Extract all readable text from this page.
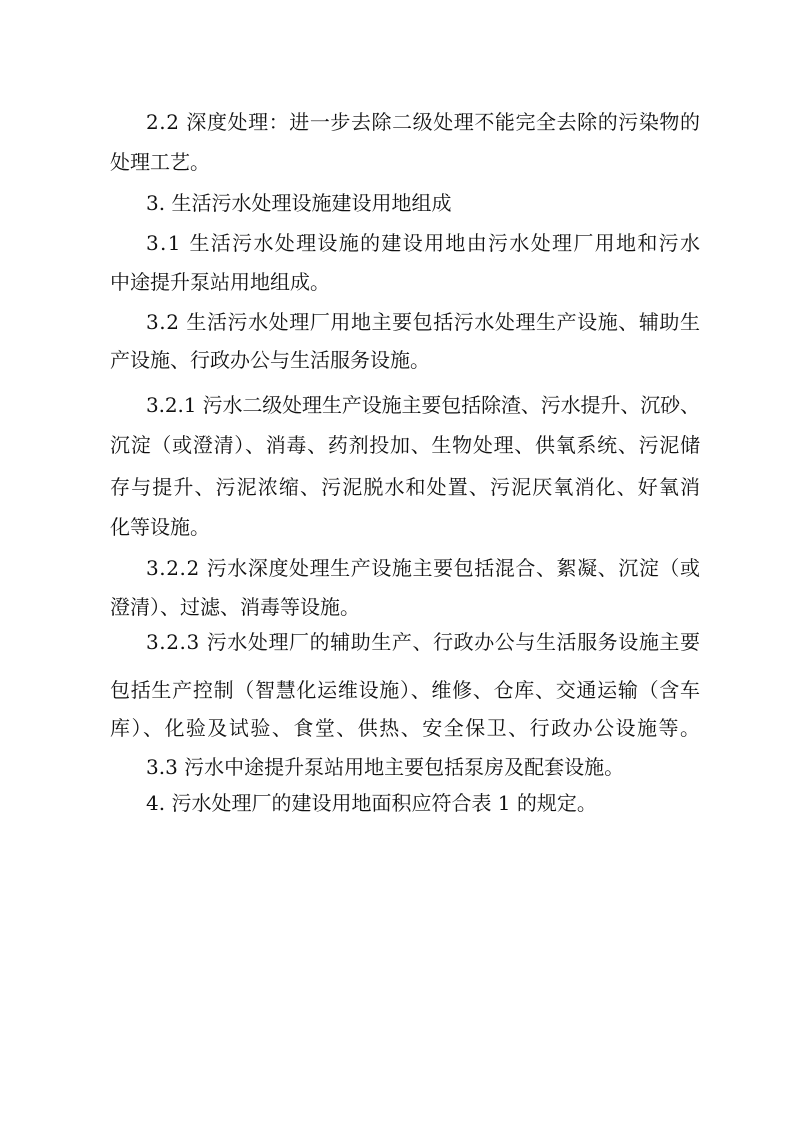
2.2 深度处理：进一步去除二级处理不能完全去除的污染物的
处理工艺。
3. 生活污水处理设施建设用地组成
3.1 生活污水处理设施的建设用地由污水处理厂用地和污水
中途提升泵站用地组成。
3.2 生活污水处理厂用地主要包括污水处理生产设施、辅助生
产设施、行政办公与生活服务设施。
3.2.1 污水二级处理生产设施主要包括除渣、污水提升、沉砂、
沉淀（或澄清）、消毒、药剂投加、生物处理、供氧系统、污泥储
存与提升、污泥浓缩、污泥脱水和处置、污泥厌氧消化、好氧消
化等设施。
3.2.2 污水深度处理生产设施主要包括混合、絮凝、沉淀（或
澄清）、过滤、消毒等设施。
3.2.3 污水处理厂的辅助生产、行政办公与生活服务设施主要
包括生产控制（智慧化运维设施）、维修、仓库、交通运输（含车
库）、化验及试验、食堂、供热、安全保卫、行政办公设施等。
3.3 污水中途提升泵站用地主要包括泵房及配套设施。
4. 污水处理厂的建设用地面积应符合表 1 的规定。
